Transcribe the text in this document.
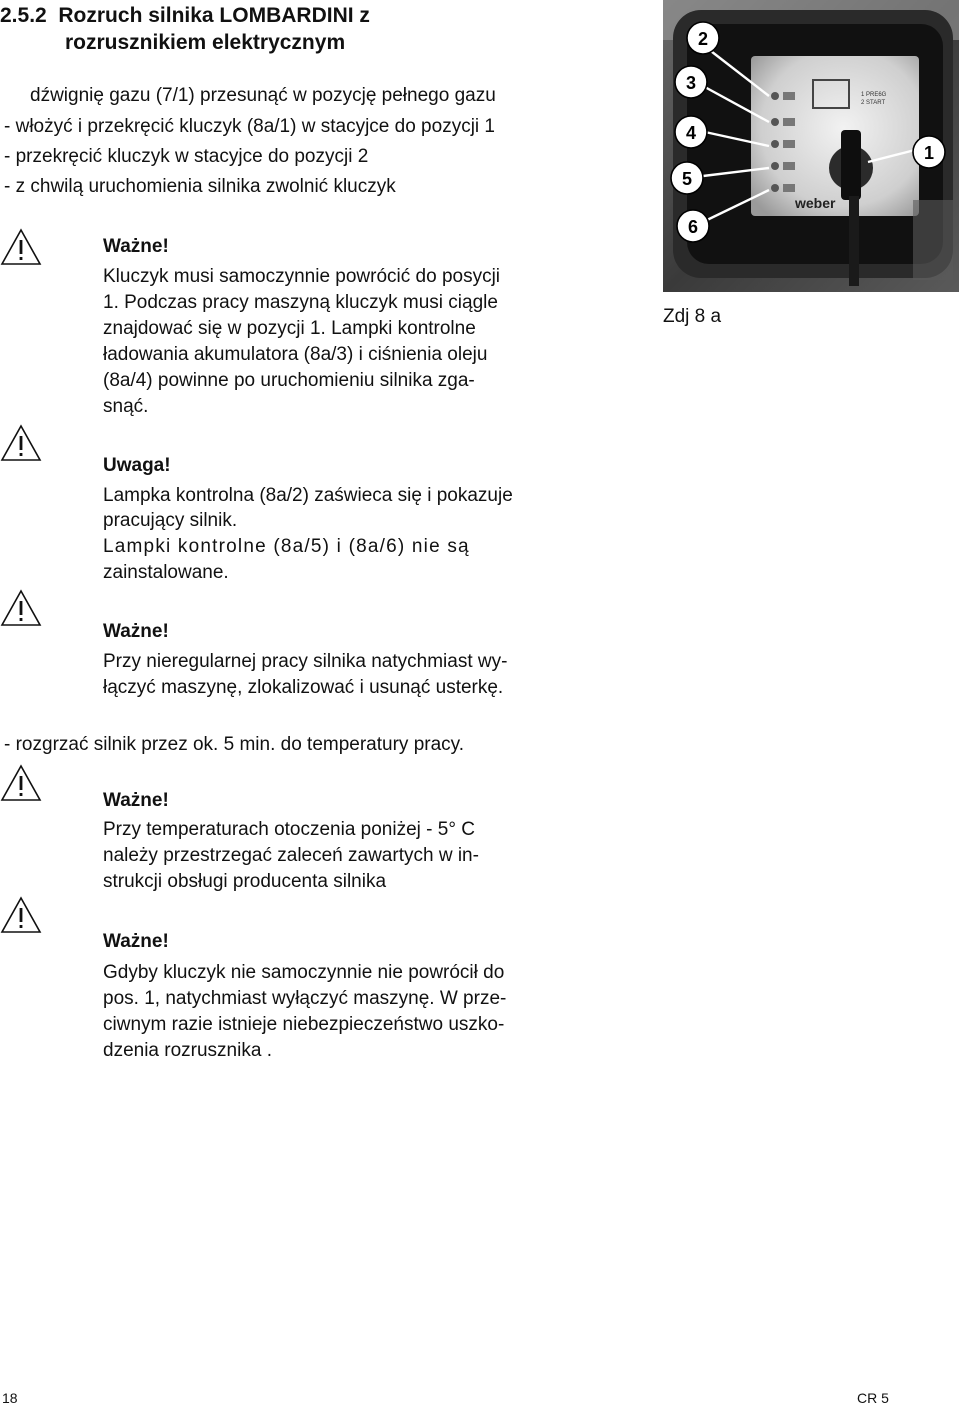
2.5.2 Rozruch silnika LOMBARDINI z
rozrusznikiem elektrycznym
dźwignię gazu (7/1) przesunąć w pozycję pełnego gazu
- włożyć i przekręcić kluczyk (8a/1) w stacyjce do pozycji 1
- przekręcić kluczyk w stacyjce do pozycji 2
- z chwilą uruchomienia silnika zwolnić kluczyk
Ważne!
Kluczyk musi samoczynnie powrócić do posycji
1. Podczas pracy maszyną kluczyk musi ciągle
znajdować się w pozycji 1. Lampki kontrolne
ładowania akumulatora (8a/3) i ciśnienia oleju
(8a/4) powinne po uruchomieniu silnika zga-
snąć.
Uwaga!
Lampka kontrolna (8a/2) zaświeca się i pokazuje
pracujący silnik.
Lampki kontrolne (8a/5) i (8a/6) nie są
zainstalowane.
Ważne!
Przy nieregularnej pracy silnika natychmiast wy-
łączyć maszynę, zlokalizować i usunąć usterkę.
- rozgrzać silnik przez ok. 5 min. do temperatury pracy.
Ważne!
Przy temperaturach otoczenia poniżej - 5° C
należy przestrzegać zaleceń zawartych w in-
strukcji obsługi producenta silnika
Ważne!
Gdyby kluczyk nie samoczynnie nie powrócił do
pos. 1, natychmiast wyłączyć maszynę. W prze-
ciwnym razie istnieje niebezpieczeństwo uszko-
dzenia rozrusznika .
1 PRE6G
2 START
weber
2
3
4
5
6
1
Zdj 8 a
18	CR 5
